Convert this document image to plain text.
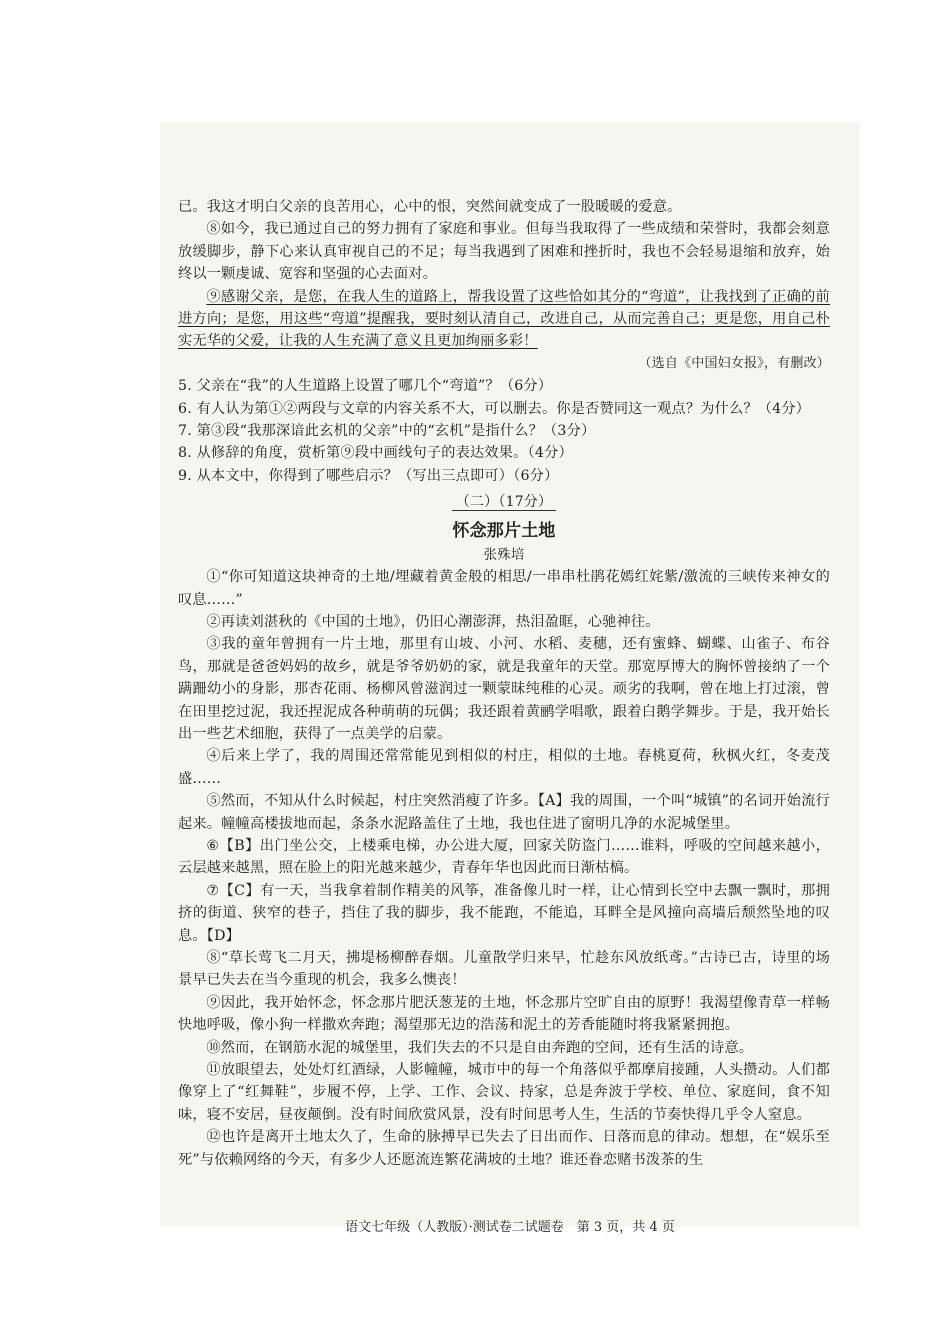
已。我这才明白父亲的良苦用心，心中的恨，突然间就变成了一股暖暖的爱意。

⑧如今，我已通过自己的努力拥有了家庭和事业。但每当我取得了一些成绩和荣誉时，我都会刻意放缓脚步，静下心来认真审视自己的不足；每当我遇到了困难和挫折时，我也不会轻易退缩和放弃，始终以一颗虔诚、宽容和坚强的心去面对。

⑨感谢父亲，是您，在我人生的道路上，帮我设置了这些恰如其分的“弯道”，让我找到了正确的前进方向；是您，用这些“弯道”提醒我，要时刻认清自己，改进自己，从而完善自己；更是您，用自己朴实无华的父爱，让我的人生充满了意义且更加绚丽多彩！

（选自《中国妇女报》，有删改）

5. 父亲在“我”的人生道路上设置了哪几个“弯道”？（6分）

6. 有人认为第①②两段与文章的内容关系不大，可以删去。你是否赞同这一观点？为什么？（4分）

7. 第③段“我那深谙此玄机的父亲”中的“玄机”是指什么？（3分）

8. 从修辞的角度，赏析第⑨段中画线句子的表达效果。（4分）

9. 从本文中，你得到了哪些启示？（写出三点即可）（6分）

（二）（17分）
怀念那片土地
张殊培

①“你可知道这块神奇的土地/埋藏着黄金般的相思/一串串杜鹃花嫣红姹紫/激流的三峡传来神女的叹息……”

②再读刘湛秋的《中国的土地》，仍旧心潮澎湃，热泪盈眶，心驰神往。

③我的童年曾拥有一片土地，那里有山坡、小河、水稻、麦穗，还有蜜蜂、蝴蝶、山雀子、布谷鸟，那就是爸爸妈妈的故乡，就是爷爷奶奶的家，就是我童年的天堂。那宽厚博大的胸怀曾接纳了一个蹒跚幼小的身影，那杏花雨、杨柳风曾滋润过一颗蒙昧纯稚的心灵。顽劣的我啊，曾在地上打过滚，曾在田里挖过泥，我还捏泥成各种萌萌的玩偶；我还跟着黄鹂学唱歌，跟着白鹅学舞步。于是，我开始长出一些艺术细胞，获得了一点美学的启蒙。

④后来上学了，我的周围还常常能见到相似的村庄，相似的土地。春桃夏荷，秋枫火红，冬麦茂盛……

⑤然而，不知从什么时候起，村庄突然消瘦了许多。【A】我的周围，一个叫“城镇”的名词开始流行起来。幢幢高楼拔地而起，条条水泥路盖住了土地，我也住进了窗明几净的水泥城堡里。

⑥【B】出门坐公交，上楼乘电梯，办公进大厦，回家关防盗门……谁料，呼吸的空间越来越小，云层越来越黑，照在脸上的阳光越来越少，青春年华也因此而日渐枯槁。

⑦【C】有一天，当我拿着制作精美的风筝，准备像儿时一样，让心情到长空中去飘一飘时，那拥挤的街道、狭窄的巷子，挡住了我的脚步，我不能跑，不能追，耳畔全是风撞向高墙后颓然坠地的叹息。【D】

⑧“草长莺飞二月天，拂堤杨柳醉春烟。儿童散学归来早，忙趁东风放纸鸢。”古诗已古，诗里的场景早已失去在当今重现的机会，我多么懊丧！

⑨因此，我开始怀念，怀念那片肥沃葱茏的土地，怀念那片空旷自由的原野！我渴望像青草一样畅快地呼吸，像小狗一样撒欢奔跑；渴望那无边的浩荡和泥土的芳香能随时将我紧紧拥抱。

⑩然而，在钢筋水泥的城堡里，我们失去的不只是自由奔跑的空间，还有生活的诗意。

⑪放眼望去，处处灯红酒绿，人影幢幢，城市中的每一个角落似乎都摩肩接踵，人头攒动。人们都像穿上了“红舞鞋”，步履不停，上学、工作、会议、持家，总是奔波于学校、单位、家庭间，食不知味，寝不安居，昼夜颠倒。没有时间欣赏风景，没有时间思考人生，生活的节奏快得几乎令人窒息。

⑫也许是离开土地太久了，生命的脉搏早已失去了日出而作、日落而息的律动。想想，在“娱乐至死”与依赖网络的今天，有多少人还愿流连繁花满坡的土地？谁还眷恋赌书泼茶的生

语文七年级（人教版）·测试卷二试题卷　第 3 页，共 4 页
